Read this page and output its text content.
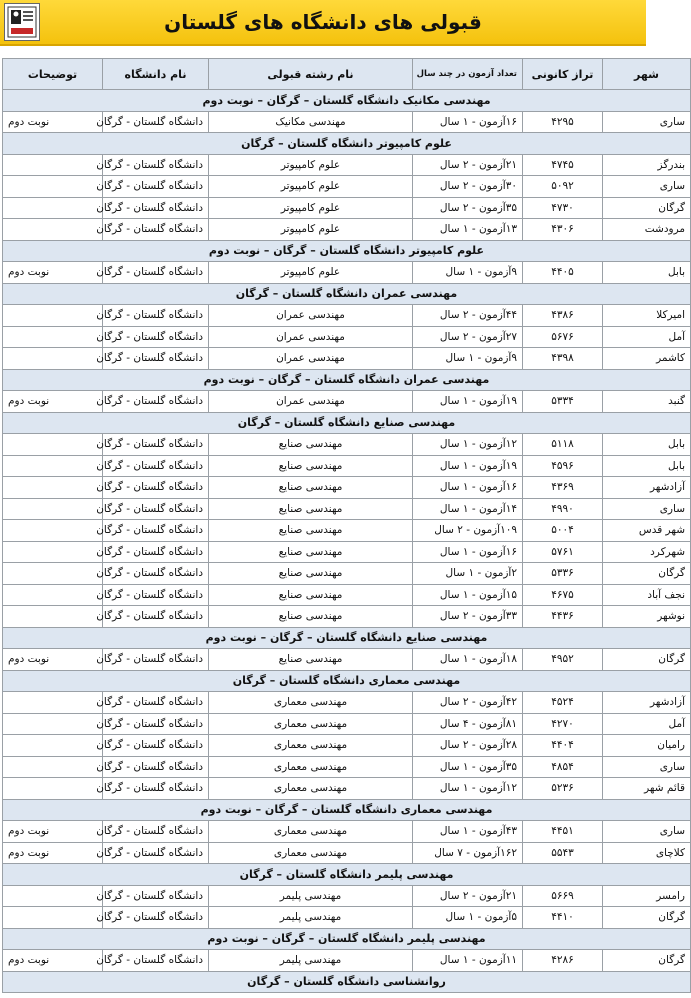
قبولی های دانشگاه های گلستان
شهر	تراز کانونی	تعداد آزمون در چند سال	نام رشته قبولی	نام دانشگاه	توضیحات
مهندسی مکانیک دانشگاه گلستان – گرگان – نوبت دوم					
ساری	۴۲۹۵	۱۶آزمون - ۱ سال	مهندسی مکانیک	دانشگاه گلستان - گرگان	نوبت دوم
علوم کامپیوتر دانشگاه گلستان – گرگان					
بندرگز	۴۷۴۵	۲۱آزمون - ۲ سال	علوم کامپیوتر	دانشگاه گلستان - گرگان	
ساری	۵۰۹۲	۳۰آزمون - ۲ سال	علوم کامپیوتر	دانشگاه گلستان - گرگان	
گرگان	۴۷۳۰	۳۵آزمون - ۲ سال	علوم کامپیوتر	دانشگاه گلستان - گرگان	
مرودشت	۴۳۰۶	۱۳آزمون - ۱ سال	علوم کامپیوتر	دانشگاه گلستان - گرگان	
علوم کامپیوتر دانشگاه گلستان – گرگان – نوبت دوم					
بابل	۴۴۰۵	۹آزمون - ۱ سال	علوم کامپیوتر	دانشگاه گلستان - گرگان	نوبت دوم
مهندسی عمران دانشگاه گلستان – گرگان					
امیرکلا	۴۳۸۶	۴۴آزمون - ۲ سال	مهندسی عمران	دانشگاه گلستان - گرگان	
آمل	۵۶۷۶	۲۷آزمون - ۲ سال	مهندسی عمران	دانشگاه گلستان - گرگان	
کاشمر	۴۳۹۸	۹آزمون - ۱ سال	مهندسی عمران	دانشگاه گلستان - گرگان	
مهندسی عمران دانشگاه گلستان – گرگان – نوبت دوم					
گنبد	۵۳۳۴	۱۹آزمون - ۱ سال	مهندسی عمران	دانشگاه گلستان - گرگان	نوبت دوم
مهندسی صنایع دانشگاه گلستان – گرگان					
بابل	۵۱۱۸	۱۲آزمون - ۱ سال	مهندسی صنایع	دانشگاه گلستان - گرگان	
بابل	۴۵۹۶	۱۹آزمون - ۱ سال	مهندسی صنایع	دانشگاه گلستان - گرگان	
آزادشهر	۴۳۶۹	۱۶آزمون - ۱ سال	مهندسی صنایع	دانشگاه گلستان - گرگان	
ساری	۴۹۹۰	۱۴آزمون - ۱ سال	مهندسی صنایع	دانشگاه گلستان - گرگان	
شهر قدس	۵۰۰۴	۱۰۹آزمون - ۲ سال	مهندسی صنایع	دانشگاه گلستان - گرگان	
شهرکرد	۵۷۶۱	۱۶آزمون - ۱ سال	مهندسی صنایع	دانشگاه گلستان - گرگان	
گرگان	۵۳۳۶	۲آزمون - ۱ سال	مهندسی صنایع	دانشگاه گلستان - گرگان	
نجف آباد	۴۶۷۵	۱۵آزمون - ۱ سال	مهندسی صنایع	دانشگاه گلستان - گرگان	
نوشهر	۴۴۳۶	۳۳آزمون - ۲ سال	مهندسی صنایع	دانشگاه گلستان - گرگان	
مهندسی صنایع دانشگاه گلستان – گرگان – نوبت دوم					
گرگان	۴۹۵۲	۱۸آزمون - ۱ سال	مهندسی صنایع	دانشگاه گلستان - گرگان	نوبت دوم
مهندسی معماری دانشگاه گلستان – گرگان					
آزادشهر	۴۵۲۴	۴۲آزمون - ۲ سال	مهندسی معماری	دانشگاه گلستان - گرگان	
آمل	۴۲۷۰	۸۱آزمون - ۴ سال	مهندسی معماری	دانشگاه گلستان - گرگان	
رامیان	۴۴۰۴	۲۸آزمون - ۲ سال	مهندسی معماری	دانشگاه گلستان - گرگان	
ساری	۴۸۵۴	۳۵آزمون - ۱ سال	مهندسی معماری	دانشگاه گلستان - گرگان	
قائم شهر	۵۲۳۶	۱۲آزمون - ۱ سال	مهندسی معماری	دانشگاه گلستان - گرگان	
مهندسی معماری دانشگاه گلستان – گرگان – نوبت دوم					
ساری	۴۴۵۱	۴۳آزمون - ۱ سال	مهندسی معماری	دانشگاه گلستان - گرگان	نوبت دوم
کلاچای	۵۵۴۳	۱۶۲آزمون - ۷ سال	مهندسی معماری	دانشگاه گلستان - گرگان	نوبت دوم
مهندسی پلیمر دانشگاه گلستان – گرگان					
رامسر	۵۶۶۹	۲۱آزمون - ۲ سال	مهندسی پلیمر	دانشگاه گلستان - گرگان	
گرگان	۴۴۱۰	۵آزمون - ۱ سال	مهندسی پلیمر	دانشگاه گلستان - گرگان	
مهندسی پلیمر دانشگاه گلستان – گرگان – نوبت دوم					
گرگان	۴۲۸۶	۱۱آزمون - ۱ سال	مهندسی پلیمر	دانشگاه گلستان - گرگان	نوبت دوم
روانشناسی دانشگاه گلستان – گرگان					
